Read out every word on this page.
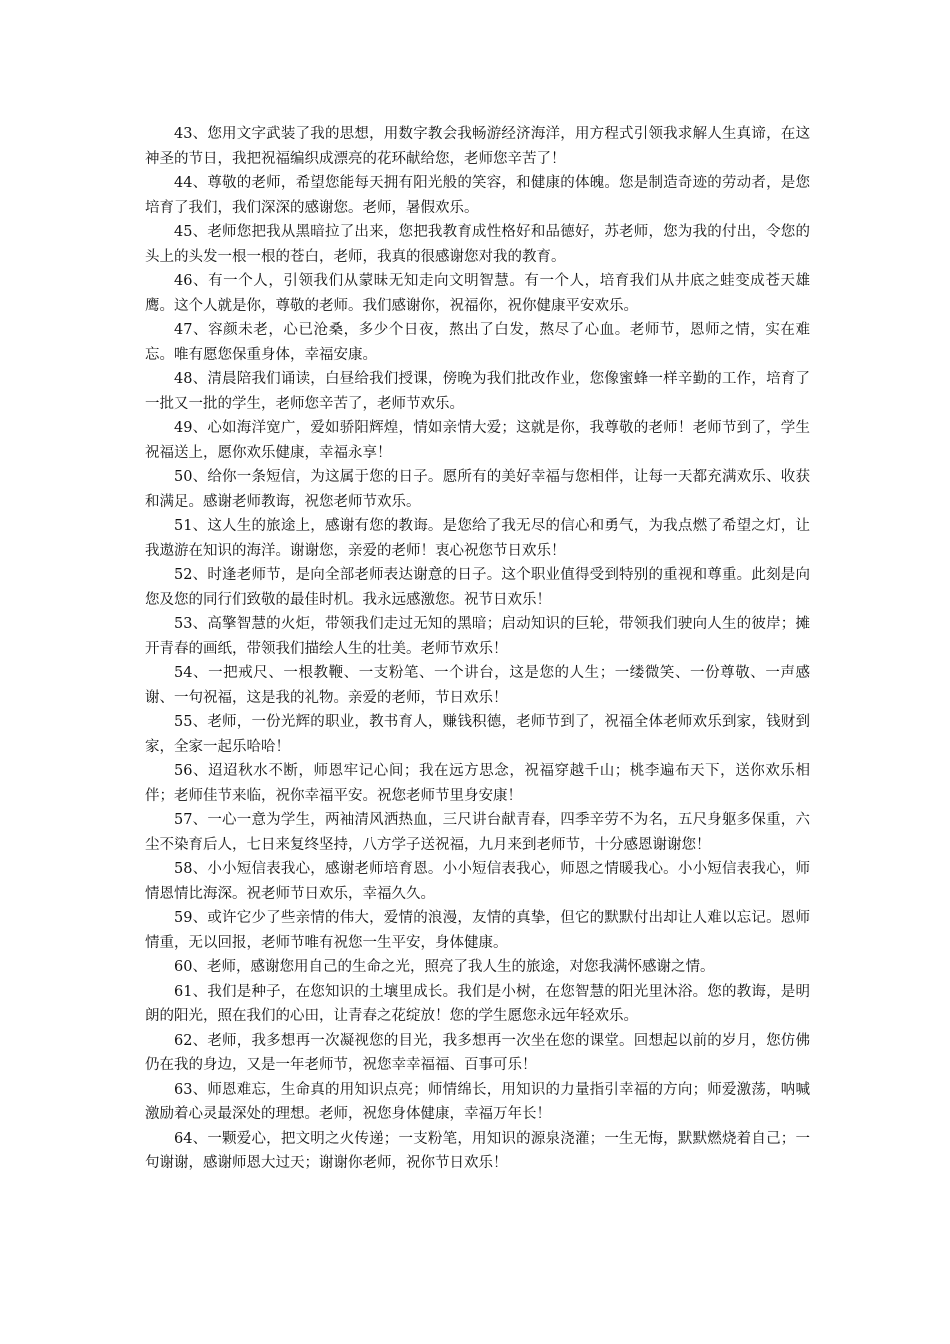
43、您用文字武装了我的思想，用数字教会我畅游经济海洋，用方程式引领我求解人生真谛，在这神圣的节日，我把祝福编织成漂亮的花环献给您，老师您辛苦了！

44、尊敬的老师，希望您能每天拥有阳光般的笑容，和健康的体魄。您是制造奇迹的劳动者，是您培育了我们，我们深深的感谢您。老师，暑假欢乐。

45、老师您把我从黑暗拉了出来，您把我教育成性格好和品德好，苏老师，您为我的付出，令您的头上的头发一根一根的苍白，老师，我真的很感谢您对我的教育。

46、有一个人，引领我们从蒙昧无知走向文明智慧。有一个人，培育我们从井底之蛙变成苍天雄鹰。这个人就是你，尊敬的老师。我们感谢你，祝福你，祝你健康平安欢乐。

47、容颜未老，心已沧桑，多少个日夜，熬出了白发，熬尽了心血。老师节，恩师之情，实在难忘。唯有愿您保重身体，幸福安康。

48、清晨陪我们诵读，白昼给我们授课，傍晚为我们批改作业，您像蜜蜂一样辛勤的工作，培育了一批又一批的学生，老师您辛苦了，老师节欢乐。

49、心如海洋宽广，爱如骄阳辉煌，情如亲情大爱；这就是你，我尊敬的老师！老师节到了，学生祝福送上，愿你欢乐健康，幸福永享！

50、给你一条短信，为这属于您的日子。愿所有的美好幸福与您相伴，让每一天都充满欢乐、收获和满足。感谢老师教诲，祝您老师节欢乐。

51、这人生的旅途上，感谢有您的教诲。是您给了我无尽的信心和勇气，为我点燃了希望之灯，让我遨游在知识的海洋。谢谢您，亲爱的老师！衷心祝您节日欢乐！

52、时逢老师节，是向全部老师表达谢意的日子。这个职业值得受到特别的重视和尊重。此刻是向您及您的同行们致敬的最佳时机。我永远感激您。祝节日欢乐！

53、高擎智慧的火炬，带领我们走过无知的黑暗；启动知识的巨轮，带领我们驶向人生的彼岸；摊开青春的画纸，带领我们描绘人生的壮美。老师节欢乐！

54、一把戒尺、一根教鞭、一支粉笔、一个讲台，这是您的人生；一缕微笑、一份尊敬、一声感谢、一句祝福，这是我的礼物。亲爱的老师，节日欢乐！

55、老师，一份光辉的职业，教书育人，赚钱积德，老师节到了，祝福全体老师欢乐到家，钱财到家，全家一起乐哈哈！

56、迢迢秋水不断，师恩牢记心间；我在远方思念，祝福穿越千山；桃李遍布天下，送你欢乐相伴；老师佳节来临，祝你幸福平安。祝您老师节里身安康！

57、一心一意为学生，两袖清风洒热血，三尺讲台献青春，四季辛劳不为名，五尺身躯多保重，六尘不染育后人，七日来复终坚持，八方学子送祝福，九月来到老师节，十分感恩谢谢您！

58、小小短信表我心，感谢老师培育恩。小小短信表我心，师恩之情暖我心。小小短信表我心，师情恩情比海深。祝老师节日欢乐，幸福久久。

59、或许它少了些亲情的伟大，爱情的浪漫，友情的真挚，但它的默默付出却让人难以忘记。恩师情重，无以回报，老师节唯有祝您一生平安，身体健康。

60、老师，感谢您用自己的生命之光，照亮了我人生的旅途，对您我满怀感谢之情。

61、我们是种子，在您知识的土壤里成长。我们是小树，在您智慧的阳光里沐浴。您的教诲，是明朗的阳光，照在我们的心田，让青春之花绽放！您的学生愿您永远年轻欢乐。

62、老师，我多想再一次凝视您的目光，我多想再一次坐在您的课堂。回想起以前的岁月，您仿佛仍在我的身边，又是一年老师节，祝您幸幸福福、百事可乐！

63、师恩难忘，生命真的用知识点亮；师情绵长，用知识的力量指引幸福的方向；师爱激荡，呐喊激励着心灵最深处的理想。老师，祝您身体健康，幸福万年长！

64、一颗爱心，把文明之火传递；一支粉笔，用知识的源泉浇灌；一生无悔，默默燃烧着自己；一句谢谢，感谢师恩大过天；谢谢你老师，祝你节日欢乐！
